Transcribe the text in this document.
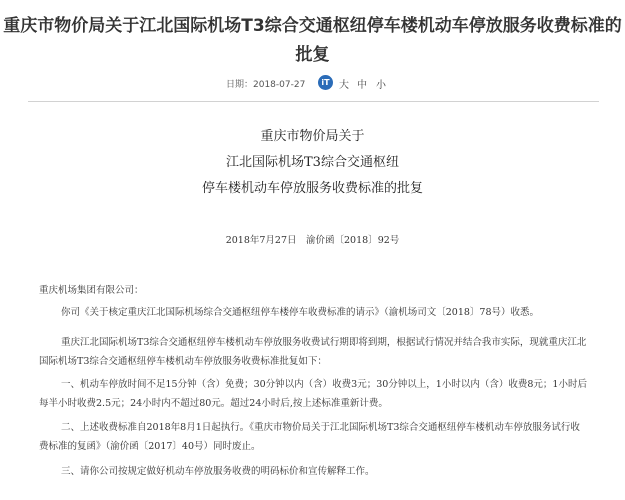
重庆市物价局关于江北国际机场T3综合交通枢纽停车楼机动车停放服务收费标准的批复
日期：2018-07-27	iT 大 中 小
重庆市物价局关于
江北国际机场T3综合交通枢纽
停车楼机动车停放服务收费标准的批复
2018年7月27日　渝价函〔2018〕92号
重庆机场集团有限公司：
你司《关于核定重庆江北国际机场综合交通枢纽停车楼停车收费标准的请示》（渝机场司文〔2018〕78号）收悉。
重庆江北国际机场T3综合交通枢纽停车楼机动车停放服务收费试行期即将到期，根据试行情况并结合我市实际，现就重庆江北国际机场T3综合交通枢纽停车楼机动车停放服务收费标准批复如下：
一、机动车停放时间不足15分钟（含）免费；30分钟以内（含）收费3元；30分钟以上，1小时以内（含）收费8元；1小时后每半小时收费2.5元；24小时内不超过80元。超过24小时后,按上述标准重新计费。
二、上述收费标准自2018年8月1日起执行。《重庆市物价局关于江北国际机场T3综合交通枢纽停车楼机动车停放服务试行收费标准的复函》（渝价函〔2017〕40号）同时废止。
三、请你公司按规定做好机动车停放服务收费的明码标价和宣传解释工作。
